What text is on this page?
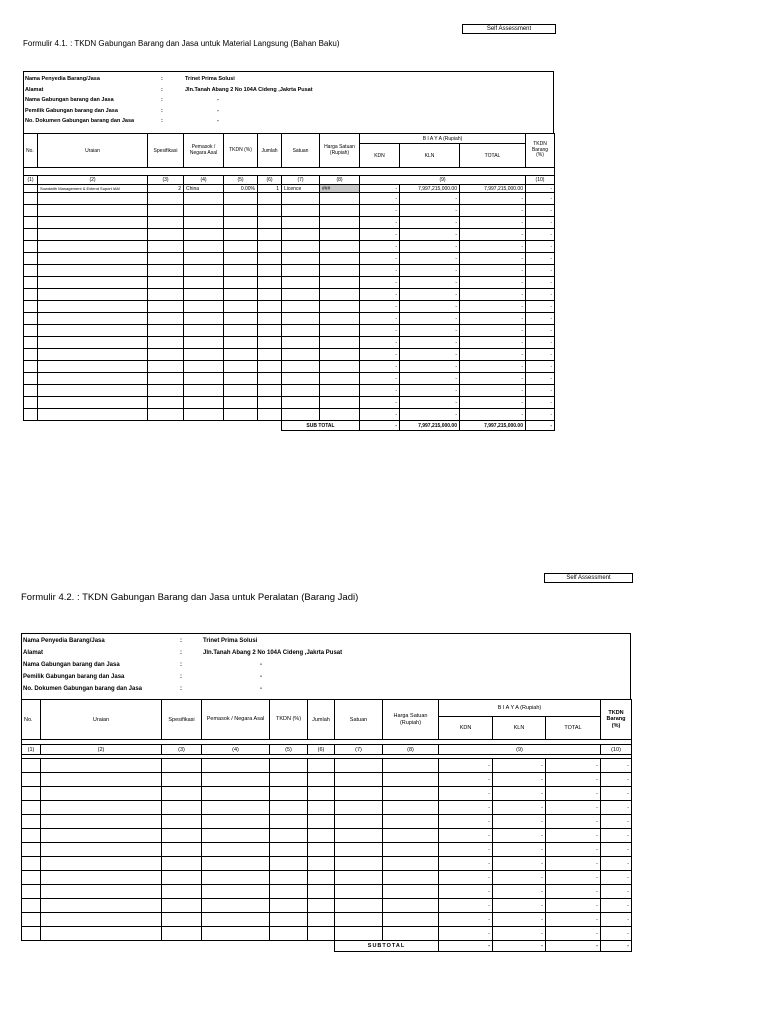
Self Assessment
Formulir 4.1. : TKDN Gabungan Barang dan Jasa untuk Material Langsung (Bahan Baku)
Nama Penyedia Barang/Jasa	:	Trinet Prima Solusi
Alamat	:	Jln.Tanah Abang 2 No 104A Cideng ,Jakrta Pusat
Nama Gabungan barang dan Jasa	:	-
Pemilik Gabungan barang dan Jasa	:	-
No. Dokumen Gabungan barang dan Jasa	:	-
No.	Uraian	Spesifikasi	Pemasok / Negara Asal	TKDN (%)	Jumlah	Satuan	Harga Satuan (Rupiah)	B I A Y A (Rupiah)			TKDN Barang (%)
								KDN	KLN	TOTAL	

(1)	(2)	(3)	(4)	(5)	(6)	(7)	(8)	(9)			(10)
	Sowdwith Management & Extend Suport iAM	2	China	0.00%	1	Licence	###	-	7,997,215,000.00	7,997,215,000.00	-
								-	-	-	-
								-	-	-	-
								-	-	-	-
								-	-	-	-
								-	-	-	-
								-	-	-	-
								-	-	-	-
								-	-	-	-
								-	-	-	-
								-	-	-	-
								-	-	-	-
								-	-	-	-
								-	-	-	-
								-	-	-	-
								-	-	-	-
								-	-	-	-
								-	-	-	-
								-	-	-	-
								-	-	-	-
						SUB TOTAL		-	7,997,215,000.00	7,997,215,000.00	-
Self Assessment
Formulir 4.2. : TKDN Gabungan Barang dan Jasa untuk Peralatan (Barang Jadi)
Nama Penyedia Barang/Jasa	:	Trinet Prima Solusi
Alamat	:	Jln.Tanah Abang 2 No 104A Cideng ,Jakrta Pusat
Nama Gabungan barang dan Jasa	:	-
Pemilik Gabungan barang dan Jasa	:	-
No. Dokumen Gabungan barang dan Jasa	:	-
No.	Uraian	Spesifikasi	Pemasok / Negara Asal	TKDN (%)	Jumlah	Satuan	Harga Satuan (Rupiah)	B I A Y A (Rupiah)			TKDN Barang (%)
								KDN	KLN	TOTAL	

(1)	(2)	(3)	(4)	(5)	(6)	(7)	(8)	(9)			(10)

								-	-	-	-
								-	-	-	-
								-	-	-	-
								-	-	-	-
								-	-	-	-
								-	-	-	-
								-	-	-	-
								-	-	-	-
								-	-	-	-
								-	-	-	-
								-	-	-	-
								-	-	-	-
								-	-	-	-
						SUBTOTAL		-	-	-	-
